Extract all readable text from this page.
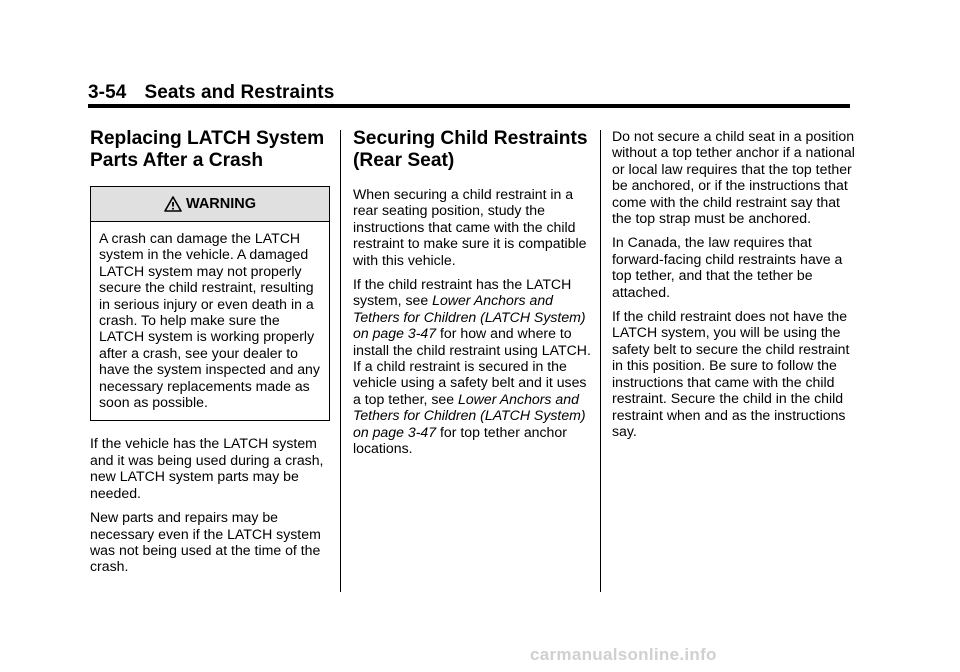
3-54 Seats and Restraints
Replacing LATCH System
Parts After a Crash
WARNING

A crash can damage the LATCH system in the vehicle. A damaged LATCH system may not properly secure the child restraint, resulting in serious injury or even death in a crash. To help make sure the LATCH system is working properly after a crash, see your dealer to have the system inspected and any necessary replacements made as soon as possible.

If the vehicle has the LATCH system and it was being used during a crash, new LATCH system parts may be needed.

New parts and repairs may be necessary even if the LATCH system was not being used at the time of the crash.

Securing Child Restraints
(Rear Seat)

When securing a child restraint in a rear seating position, study the instructions that came with the child restraint to make sure it is compatible with this vehicle.

If the child restraint has the LATCH system, see Lower Anchors and Tethers for Children (LATCH System) on page 3-47 for how and where to install the child restraint using LATCH. If a child restraint is secured in the vehicle using a safety belt and it uses a top tether, see Lower Anchors and Tethers for Children (LATCH System) on page 3-47 for top tether anchor locations.

Do not secure a child seat in a position without a top tether anchor if a national or local law requires that the top tether be anchored, or if the instructions that come with the child restraint say that the top strap must be anchored.

In Canada, the law requires that forward-facing child restraints have a top tether, and that the tether be attached.

If the child restraint does not have the LATCH system, you will be using the safety belt to secure the child restraint in this position. Be sure to follow the instructions that came with the child restraint. Secure the child in the child restraint when and as the instructions say.

carmanualsonline.info
